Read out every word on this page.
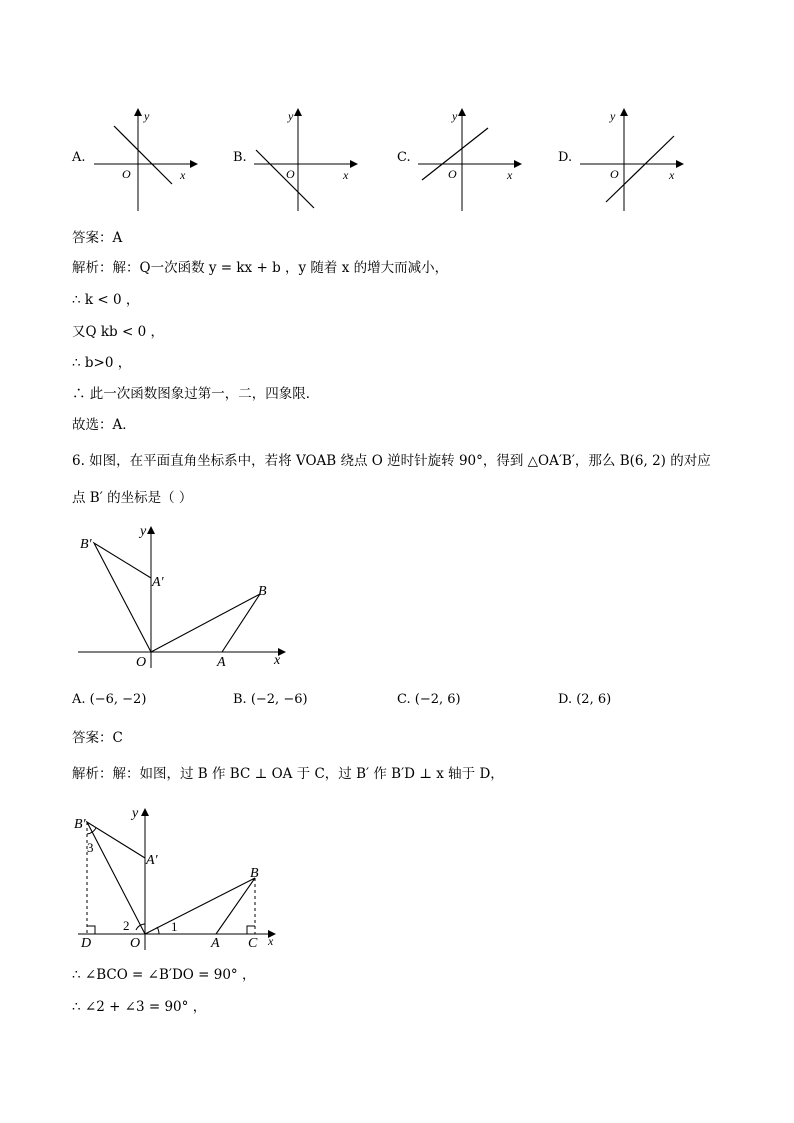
A.
y
x
O
B.
y
x
O
C.
y
x
O
D.
y
x
O
答案：A
解析：解：Q一次函数 y = kx + b ，y 随着 x 的增大而减小，
∴ k < 0 ，
又Q kb < 0 ，
∴ b>0 ，
∴ 此一次函数图象过第一，二，四象限．
故选：A．
6. 如图，在平面直角坐标系中，若将 VOAB 绕点 O 逆时针旋转 90°，得到 △OA′B′，那么 B(6, 2) 的对应
点 B′ 的坐标是（ ）
B′
A′
B
A
O	x
y
A. (−6, −2)	B. (−2, −6)	C. (−2, 6)	D. (2, 6)
答案：C
解析：解：如图，过 B 作 BC ⊥ OA 于 C，过 B′ 作 B′D ⊥ x 轴于 D，
B′
A′
B
A C
D	O	x
y
1
2
3
∴ ∠BCO = ∠B′DO = 90° ，
∴ ∠2 + ∠3 = 90° ，
